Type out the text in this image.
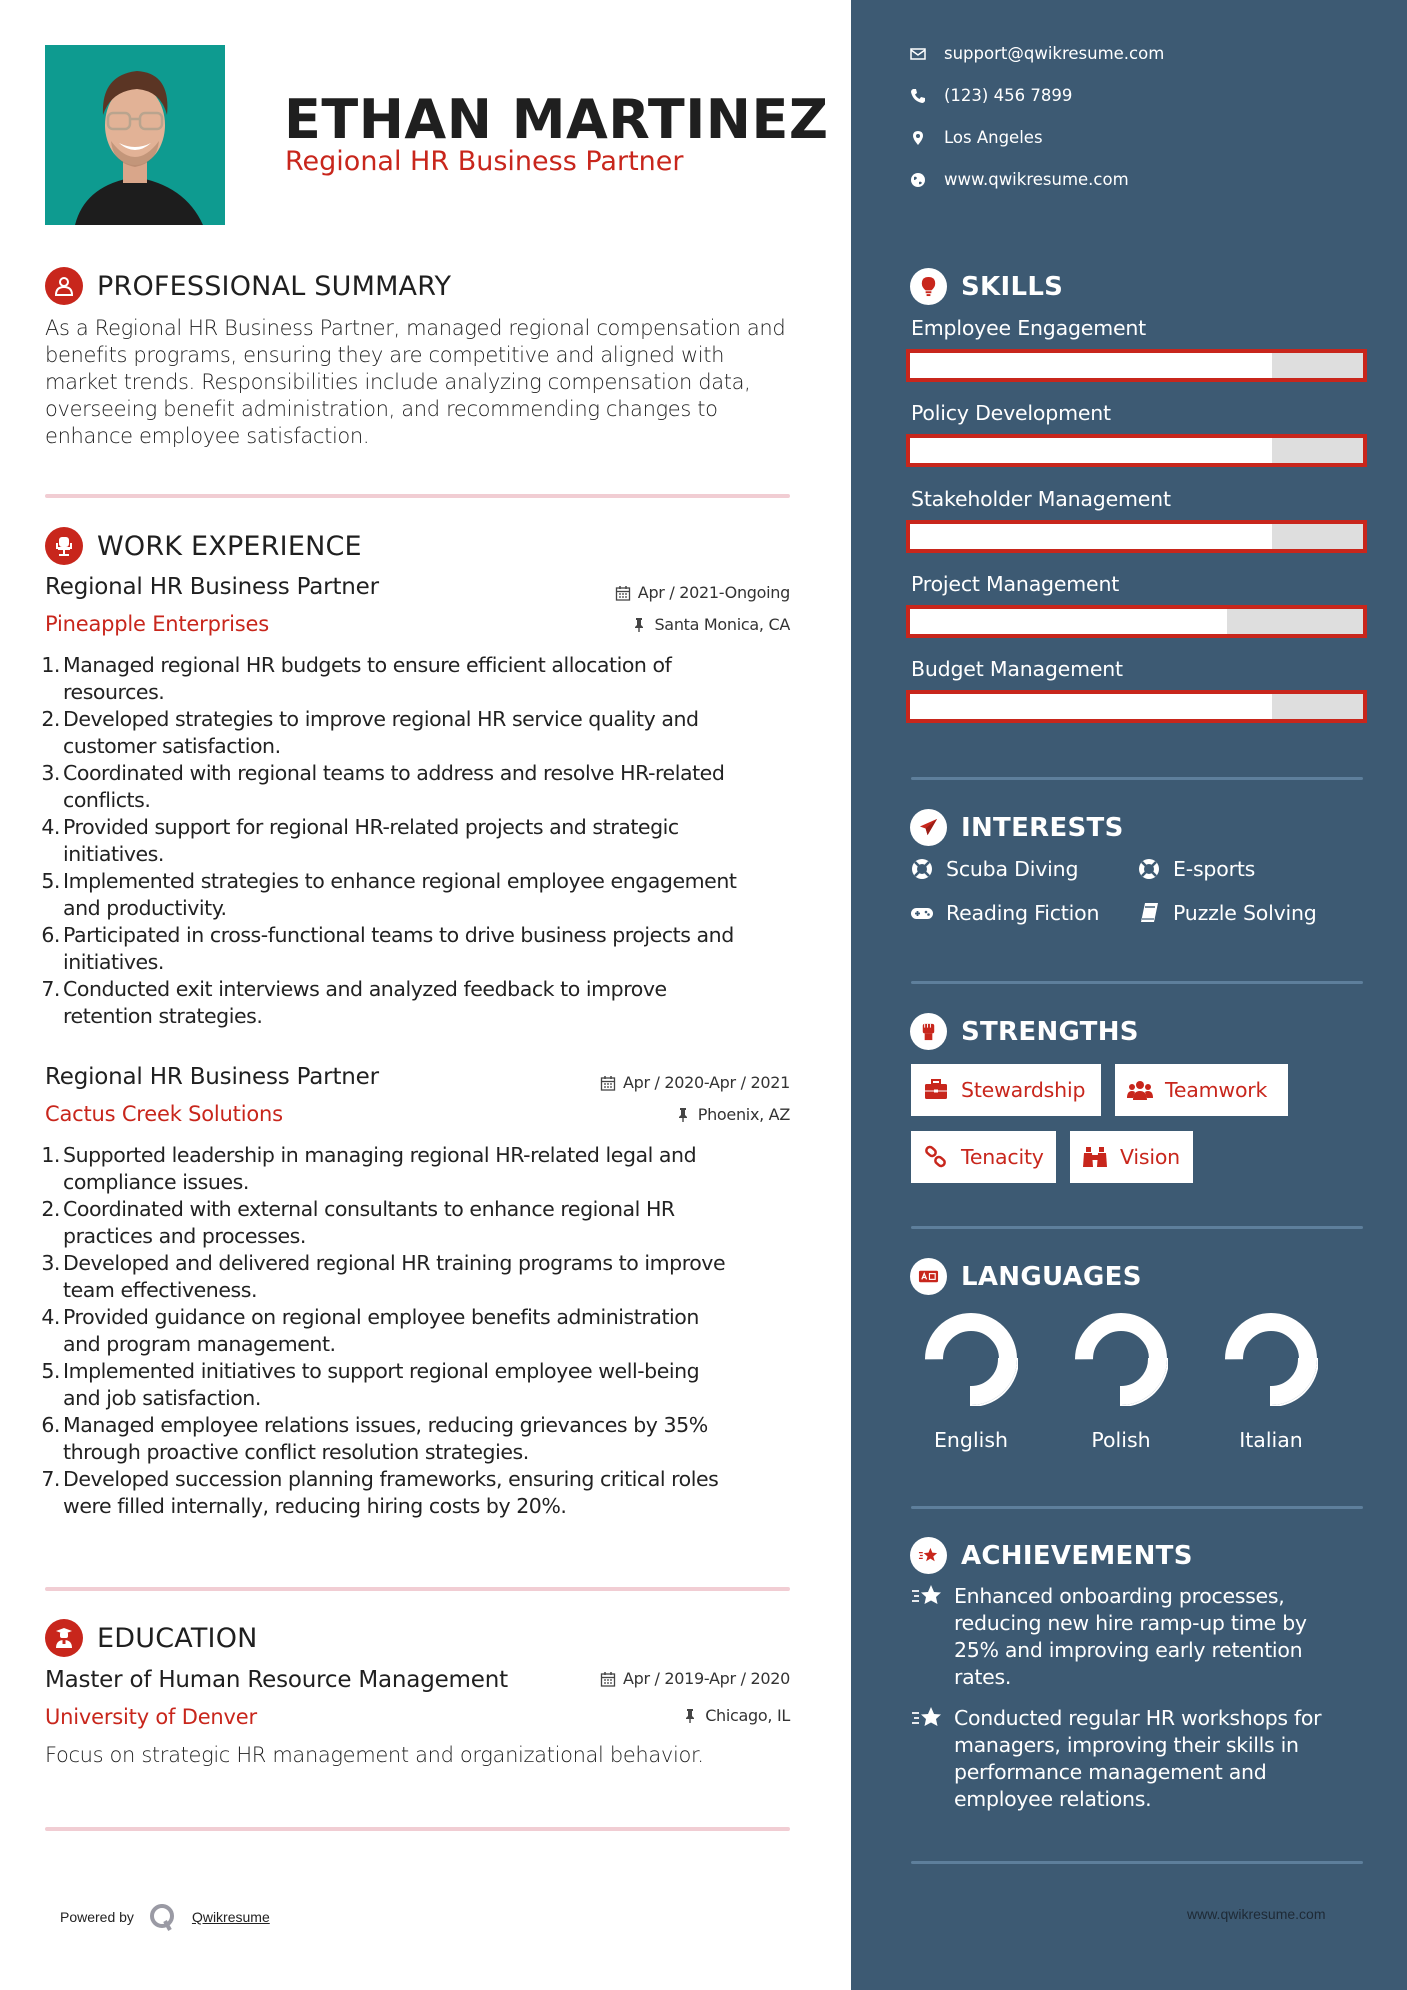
ETHAN MARTINEZ
Regional HR Business Partner
support@qwikresume.com
(123) 456 7899
Los Angeles
www.qwikresume.com
PROFESSIONAL SUMMARY
As a Regional HR Business Partner, managed regional compensation and benefits programs, ensuring they are competitive and aligned with market trends. Responsibilities include analyzing compensation data, overseeing benefit administration, and recommending changes to enhance employee satisfaction.
WORK EXPERIENCE
Regional HR Business Partner
Pineapple Enterprises
Apr / 2021-Ongoing
Santa Monica, CA
1. Managed regional HR budgets to ensure efficient allocation of
resources.
2. Developed strategies to improve regional HR service quality and
customer satisfaction.
3. Coordinated with regional teams to address and resolve HR-related
conflicts.
4. Provided support for regional HR-related projects and strategic
initiatives.
5. Implemented strategies to enhance regional employee engagement
and productivity.
6. Participated in cross-functional teams to drive business projects and
initiatives.
7. Conducted exit interviews and analyzed feedback to improve
retention strategies.
Regional HR Business Partner
Cactus Creek Solutions
Apr / 2020-Apr / 2021
Phoenix, AZ
1. Supported leadership in managing regional HR-related legal and
compliance issues.
2. Coordinated with external consultants to enhance regional HR
practices and processes.
3. Developed and delivered regional HR training programs to improve
team effectiveness.
4. Provided guidance on regional employee benefits administration
and program management.
5. Implemented initiatives to support regional employee well-being
and job satisfaction.
6. Managed employee relations issues, reducing grievances by 35%
through proactive conflict resolution strategies.
7. Developed succession planning frameworks, ensuring critical roles
were filled internally, reducing hiring costs by 20%.
EDUCATION
Master of Human Resource Management
University of Denver
Apr / 2019-Apr / 2020
Chicago, IL
Focus on strategic HR management and organizational behavior.
Powered by	Qwikresume
SKILLS
Employee Engagement
Policy Development
Stakeholder Management
Project Management
Budget Management
INTERESTS
Scuba Diving	E-sports
Reading Fiction	Puzzle Solving
STRENGTHS
Stewardship	Teamwork
Tenacity	Vision
LANGUAGES
English	Polish	Italian
ACHIEVEMENTS
Enhanced onboarding processes,
reducing new hire ramp-up time by
25% and improving early retention
rates.
Conducted regular HR workshops for
managers, improving their skills in
performance management and
employee relations.
www.qwikresume.com
